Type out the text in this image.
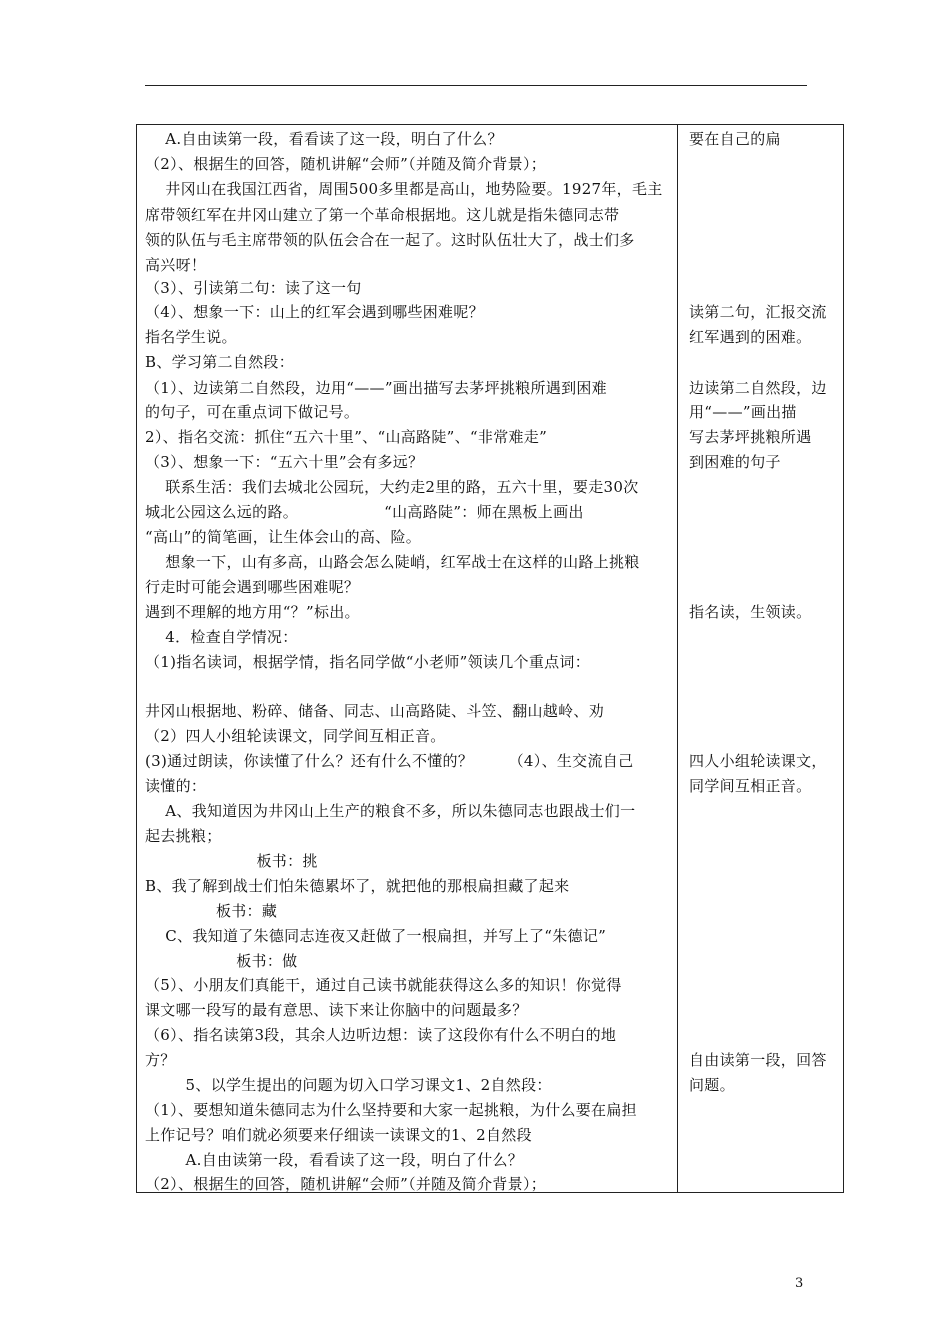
A.自由读第一段，看看读了这一段，明白了什么？
（2）、根据生的回答，随机讲解“会师”（并随及简介背景）；
井冈山在我国江西省，周围500多里都是高山，地势险要。1927年，毛主
席带领红军在井冈山建立了第一个革命根据地。这儿就是指朱德同志带
领的队伍与毛主席带领的队伍会合在一起了。这时队伍壮大了，战士们多
高兴呀！
（3）、引读第二句：读了这一句
（4）、想象一下：山上的红军会遇到哪些困难呢？
指名学生说。
B、学习第二自然段：
（1）、边读第二自然段，边用“——”画出描写去茅坪挑粮所遇到困难
的句子，可在重点词下做记号。
2）、指名交流：抓住“五六十里”、“山高路陡”、“非常难走”
（3）、想象一下：“五六十里”会有多远？
联系生活：我们去城北公园玩，大约走2里的路，五六十里，要走30次
城北公园这么远的路。                 “山高路陡”：师在黑板上画出
“高山”的简笔画，让生体会山的高、险。
想象一下，山有多高，山路会怎么陡峭，红军战士在这样的山路上挑粮
行走时可能会遇到哪些困难呢？
遇到不理解的地方用“？”标出。
4．检查自学情况：
（1)指名读词，根据学情，指名同学做“小老师”领读几个重点词：
井冈山根据地、粉碎、储备、同志、山高路陡、斗笠、翻山越岭、劝
（2）四人小组轮读课文，同学间互相正音。
(3)通过朗读，你读懂了什么？还有什么不懂的？       （4）、生交流自己
读懂的：
A、我知道因为井冈山上生产的粮食不多，所以朱德同志也跟战士们一
起去挑粮；
板书：挑
B、我了解到战士们怕朱德累坏了，就把他的那根扁担藏了起来
板书：藏
C、我知道了朱德同志连夜又赶做了一根扁担，并写上了“朱德记”
板书：做
（5）、小朋友们真能干，通过自己读书就能获得这么多的知识！你觉得
课文哪一段写的最有意思、读下来让你脑中的问题最多？
（6）、指名读第3段，其余人边听边想：读了这段你有什么不明白的地
方？
5、以学生提出的问题为切入口学习课文1、2自然段：
（1）、要想知道朱德同志为什么坚持要和大家一起挑粮，为什么要在扁担
上作记号？咱们就必须要来仔细读一读课文的1、2自然段
A.自由读第一段，看看读了这一段，明白了什么？
（2）、根据生的回答，随机讲解“会师”（并随及简介背景）；
要在自己的扁
读第二句，汇报交流
红军遇到的困难。
边读第二自然段，边
用“——”画出描
写去茅坪挑粮所遇
到困难的句子
指名读，生领读。
四人小组轮读课文，
同学间互相正音。
自由读第一段，回答
问题。
3
